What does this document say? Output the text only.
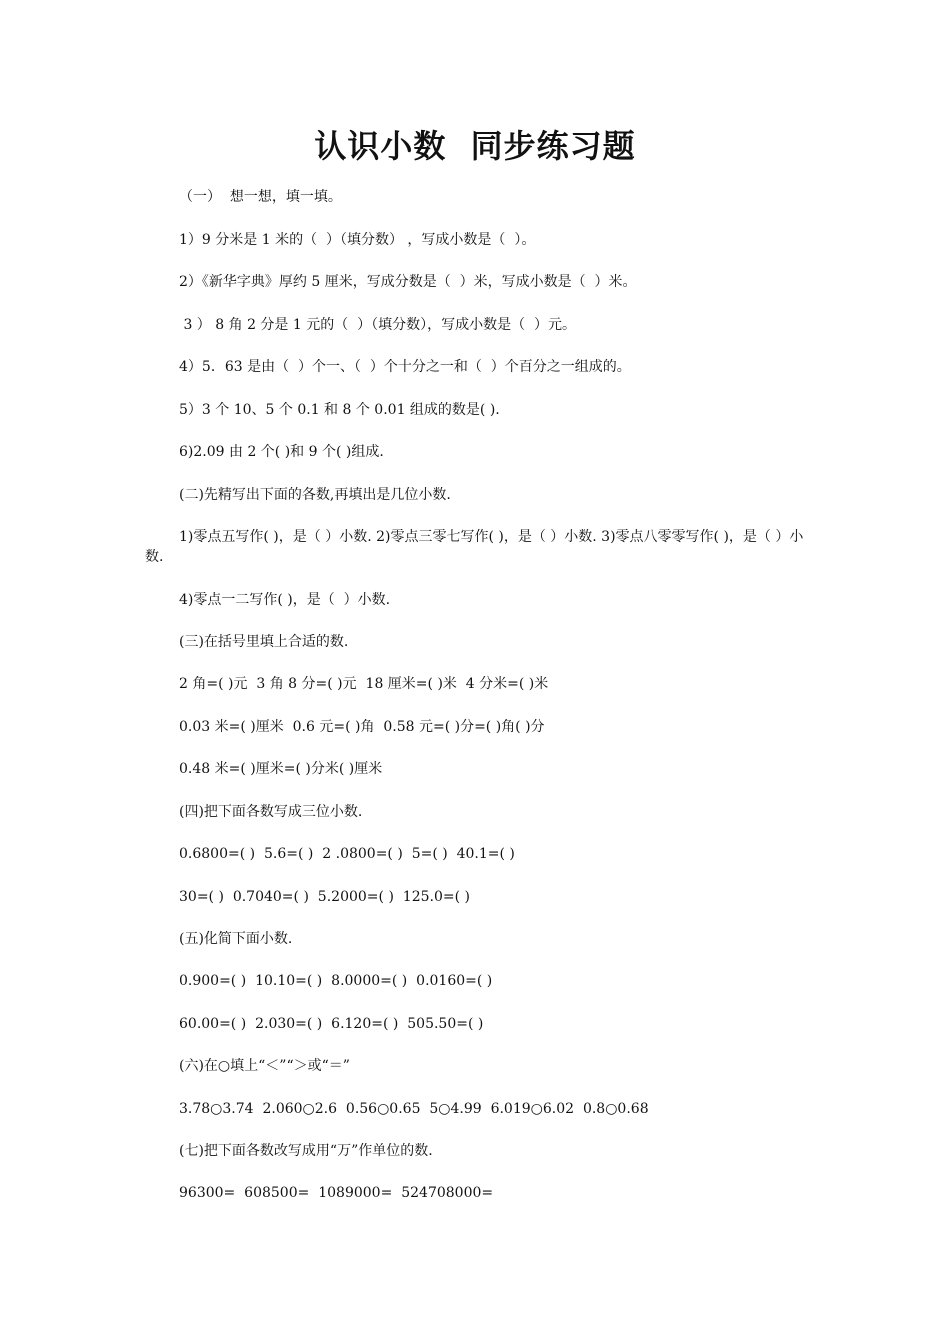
认识小数  同步练习题
（一）  想一想，填一填。
1）9 分米是 1 米的（  ）（填分数） ，写成小数是（  ）。
2）《新华字典》厚约 5 厘米，写成分数是（  ）米，写成小数是（  ）米。
3 ） 8 角 2 分是 1 元的（  ）（填分数），写成小数是（  ）元。
4）5．63 是由（  ）个一、（  ）个十分之一和（  ）个百分之一组成的。
5）3 个 10、5 个 0.1 和 8 个 0.01 组成的数是( ).
6)2.09 由 2 个( )和 9 个( )组成.
(二)先精写出下面的各数,再填出是几位小数.
1)零点五写作( )，是（ ）小数. 2)零点三零七写作( )，是（ ）小数. 3)零点八零零写作( )，是（ ）小数.
4)零点一二写作( )，是（  ）小数.
(三)在括号里填上合适的数.
2 角=( )元  3 角 8 分=( )元  18 厘米=( )米  4 分米=( )米
0.03 米=( )厘米  0.6 元=( )角  0.58 元=( )分=( )角( )分
0.48 米=( )厘米=( )分米( )厘米
(四)把下面各数写成三位小数.
0.6800=( )  5.6=( )  2 .0800=( )  5=( )  40.1=( )
30=( )  0.7040=( )  5.2000=( )  125.0=( )
(五)化简下面小数.
0.900=( )  10.10=( )  8.0000=( )  0.0160=( )
60.00=( )  2.030=( )  6.120=( )  505.50=( )
(六)在○填上“＜”“＞或“＝”
3.78○3.74  2.060○2.6  0.56○0.65  5○4.99  6.019○6.02  0.8○0.68
(七)把下面各数改写成用“万”作单位的数.
96300=  608500=  1089000=  524708000=
